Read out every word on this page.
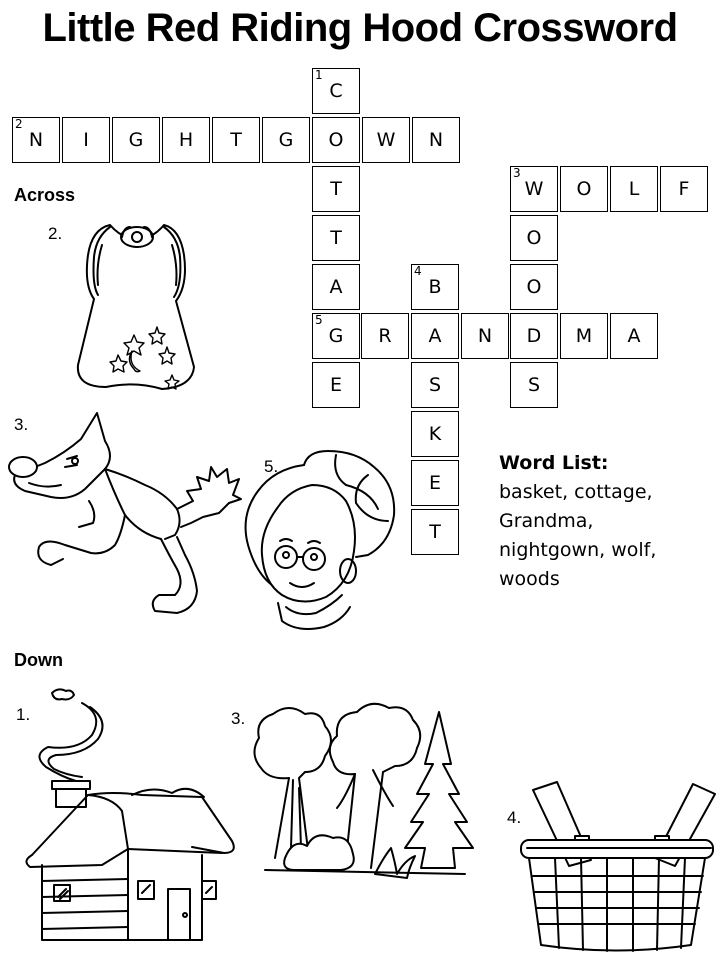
Little Red Riding Hood Crossword
2
N I G H T G O W N
1
C
T
T
A
5
G
E
3
W O L F
O
O
S
4
B
S
K
E
T
R A N D M A
Across
Down
2.
3.
5.
1.	3.
4.
Word List:
basket, cottage,
Grandma,
nightgown, wolf,
woods
